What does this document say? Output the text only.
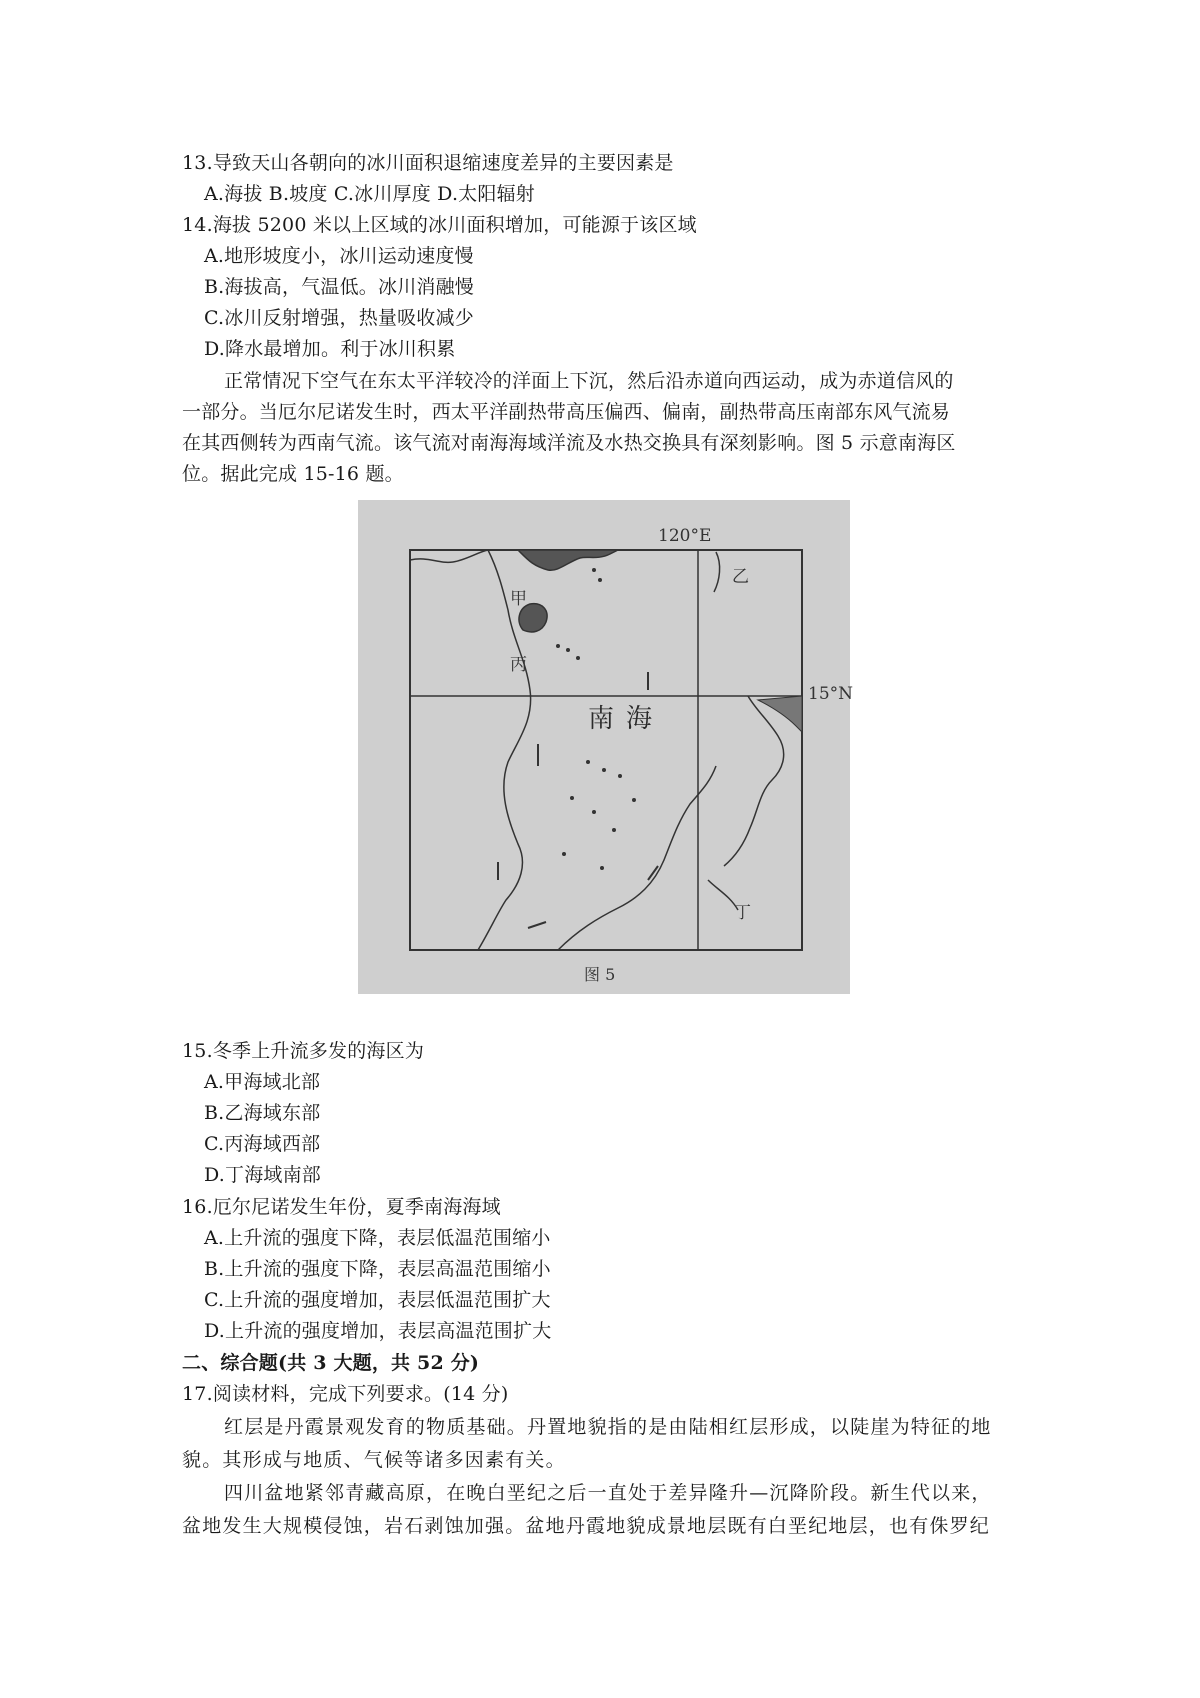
13.导致天山各朝向的冰川面积退缩速度差异的主要因素是
A.海拔 B.坡度 C.冰川厚度 D.太阳辐射
14.海拔 5200 米以上区域的冰川面积增加，可能源于该区域
A.地形坡度小，冰川运动速度慢
B.海拔高，气温低。冰川消融慢
C.冰川反射增强，热量吸收减少
D.降水最增加。利于冰川积累
正常情况下空气在东太平洋较冷的洋面上下沉，然后沿赤道向西运动，成为赤道信风的
一部分。当厄尔尼诺发生时，西太平洋副热带高压偏西、偏南，副热带高压南部东风气流易
在其西侧转为西南气流。该气流对南海海域洋流及水热交换具有深刻影响。图 5 示意南海区
位。据此完成 15-16 题。
120°E
15°N
南海
甲
乙
丙
丁
图 5
15.冬季上升流多发的海区为
A.甲海域北部
B.乙海域东部
C.丙海域西部
D.丁海域南部
16.厄尔尼诺发生年份，夏季南海海域
A.上升流的强度下降，表层低温范围缩小
B.上升流的强度下降，表层高温范围缩小
C.上升流的强度增加，表层低温范围扩大
D.上升流的强度增加，表层高温范围扩大
二、综合题(共 3 大题，共 52 分)
17.阅读材料，完成下列要求。(14 分)
红层是丹霞景观发育的物质基础。丹置地貌指的是由陆相红层形成，以陡崖为特征的地
貌。其形成与地质、气候等诸多因素有关。
四川盆地紧邻青藏高原，在晚白垩纪之后一直处于差异隆升—沉降阶段。新生代以来，
盆地发生大规模侵蚀，岩石剥蚀加强。盆地丹霞地貌成景地层既有白垩纪地层，也有侏罗纪
